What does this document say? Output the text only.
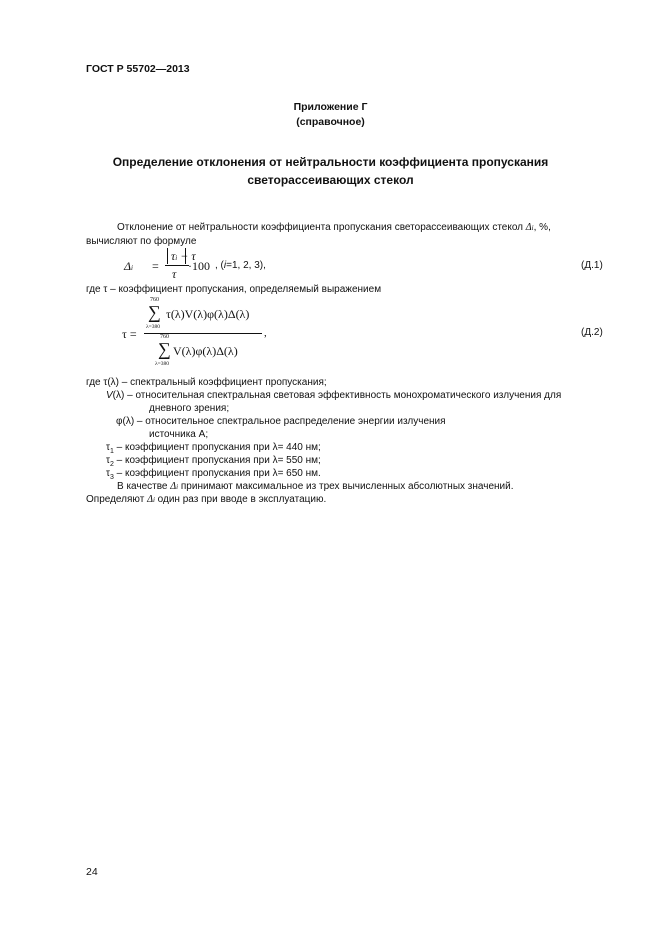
ГОСТ Р 55702—2013
Приложение Г
(справочное)
Определение отклонения от нейтральности коэффициента пропускания
светорассеивающих стекол
Отклонение от нейтральности коэффициента пропускания светорассеивающих стекол Δi, %,
вычисляют по формуле
Δi =
τi − τ
τ
·100 , (i=1, 2, 3),	(Д.1)
где τ – коэффициент пропускания, определяемый выражением
τ =
760
∑
λ=380
τ(λ)V(λ)φ(λ)Δ(λ)
760
∑
λ=380
V(λ)φ(λ)Δ(λ)
,	(Д.2)
где τ(λ) – спектральный коэффициент пропускания;
V(λ) – относительная спектральная световая эффективность монохроматического излучения для
дневного зрения;
φ(λ) – относительное спектральное распределение энергии излучения
источника A;
$\tau_1$ – коэффициент пропускания при λ= 440 нм;
$\tau_2$ – коэффициент пропускания при λ= 550 нм;
$\tau_3$ – коэффициент пропускания при λ= 650 нм.
В качестве Δi принимают максимальное из трех вычисленных абсолютных значений.
Определяют Δi один раз при вводе в эксплуатацию.
24
